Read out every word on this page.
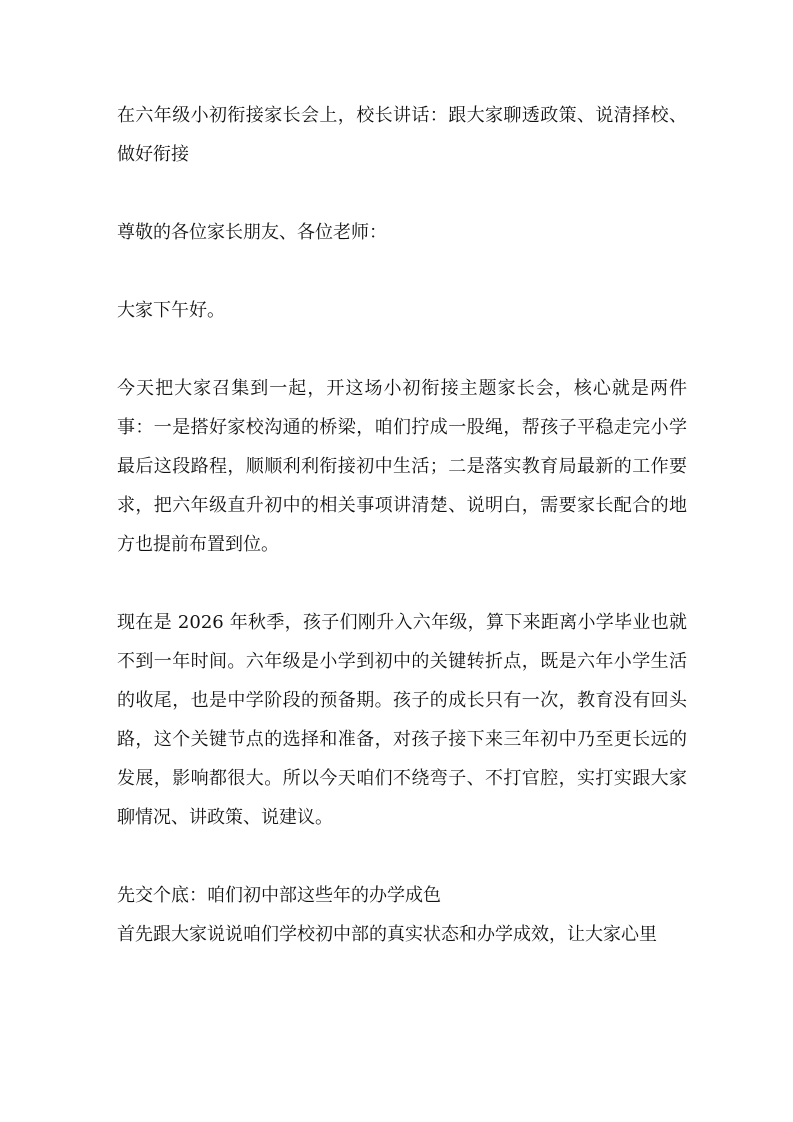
在六年级小初衔接家长会上，校长讲话：跟大家聊透政策、说清择校、做好衔接

尊敬的各位家长朋友、各位老师：

大家下午好。

今天把大家召集到一起，开这场小初衔接主题家长会，核心就是两件事：一是搭好家校沟通的桥梁，咱们拧成一股绳，帮孩子平稳走完小学最后这段路程，顺顺利利衔接初中生活；二是落实教育局最新的工作要求，把六年级直升初中的相关事项讲清楚、说明白，需要家长配合的地方也提前布置到位。

现在是 2026 年秋季，孩子们刚升入六年级，算下来距离小学毕业也就不到一年时间。六年级是小学到初中的关键转折点，既是六年小学生活的收尾，也是中学阶段的预备期。孩子的成长只有一次，教育没有回头路，这个关键节点的选择和准备，对孩子接下来三年初中乃至更长远的发展，影响都很大。所以今天咱们不绕弯子、不打官腔，实打实跟大家聊情况、讲政策、说建议。

先交个底：咱们初中部这些年的办学成色

首先跟大家说说咱们学校初中部的真实状态和办学成效，让大家心里
